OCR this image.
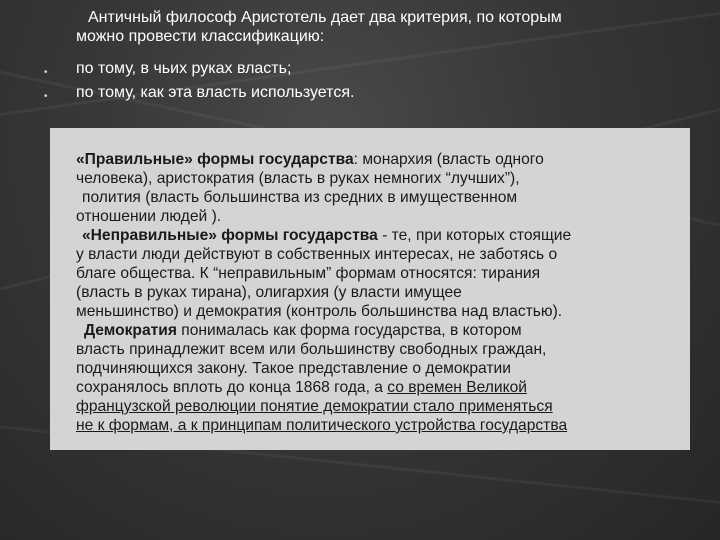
Античный философ Аристотель дает два критерия, по которым
можно провести классификацию:
• по тому, в чьих руках власть;
• по тому, как эта власть используется.
«Правильные» формы государства: монархия (власть одного
человека), аристократия (власть в руках немногих “лучших”),
полития (власть большинства из средних в имущественном
отношении людей ).
«Неправильные» формы государства - те, при которых стоящие
у власти люди действуют в собственных интересах, не заботясь о
благе общества. К “неправильным” формам относятся: тирания
(власть в руках тирана), олигархия (у власти имущее
меньшинство) и демократия (контроль большинства над властью).
Демократия понималась как форма государства, в котором
власть принадлежит всем или большинству свободных граждан,
подчиняющихся закону. Такое представление о демократии
сохранялось вплоть до конца 1868 года, а со времен Великой
французской революции понятие демократии стало применяться
не к формам, а к принципам политического устройства государства
